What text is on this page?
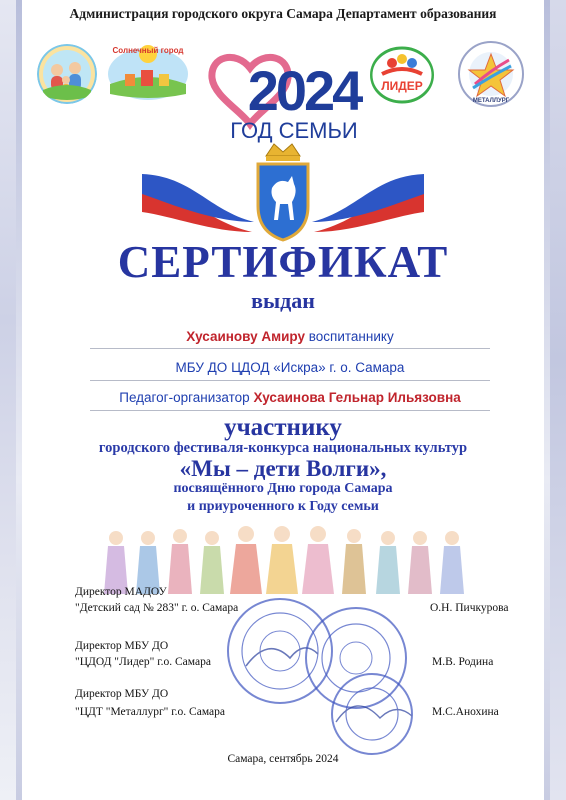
Администрация городского округа Самара Департамент образования
Солнечный город
2024
ГОД СЕМЬИ
ЛИДЕР
МЕТАЛЛУРГ
СЕРТИФИКАТ
выдан
Хусаинову Амиру воспитаннику
МБУ ДО ЦДОД «Искра» г. о. Самара
Педагог-организатор Хусаинова Гельнар Ильязовна
участнику
городского фестиваля-конкурса национальных культур
«Мы – дети Волги»,
посвящённого Дню города Самара
и приуроченного к Году семьи
Директор МАДОУ
"Детский сад № 283" г. о. Самара	О.Н. Пичкурова
Директор МБУ ДО
"ЦДОД "Лидер" г.о. Самара	М.В. Родина
Директор МБУ ДО
"ЦДТ "Металлург" г.о. Самара	М.С.Анохина
Самара, сентябрь 2024
